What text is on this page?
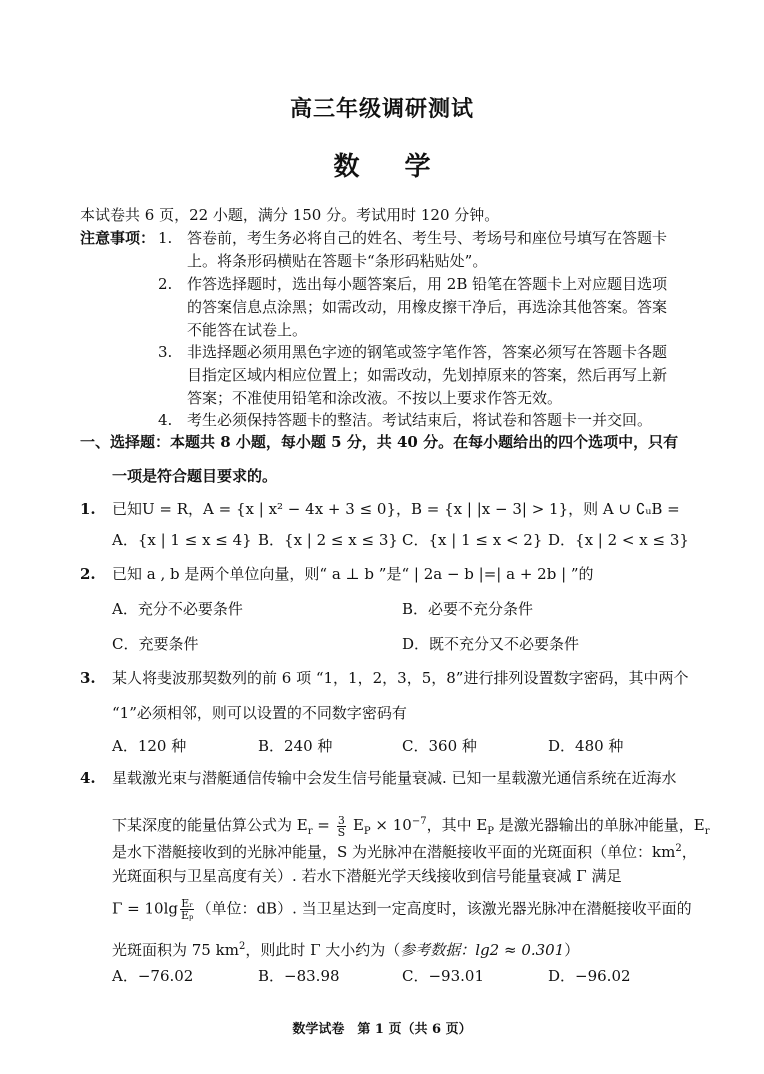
高三年级调研测试
数 学
本试卷共 6 页，22 小题，满分 150 分。考试用时 120 分钟。
注意事项： 1. 答卷前，考生务必将自己的姓名、考生号、考场号和座位号填写在答题卡
上。将条形码横贴在答题卡“条形码粘贴处”。
2. 作答选择题时，选出每小题答案后，用 2B 铅笔在答题卡上对应题目选项
的答案信息点涂黑；如需改动，用橡皮擦干净后，再选涂其他答案。答案
不能答在试卷上。
3. 非选择题必须用黑色字迹的钢笔或签字笔作答，答案必须写在答题卡各题
目指定区域内相应位置上；如需改动，先划掉原来的答案，然后再写上新
答案；不准使用铅笔和涂改液。不按以上要求作答无效。
4. 考生必须保持答题卡的整洁。考试结束后，将试卷和答题卡一并交回。
一、选择题：本题共 8 小题，每小题 5 分，共 40 分。在每小题给出的四个选项中，只有
一项是符合题目要求的。
1. 已知U = R，A = {x | x² − 4x + 3 ≤ 0}，B = {x | |x − 3| > 1}，则 A ∪ ∁ᵤB =
A．{x | 1 ≤ x ≤ 4} B．{x | 2 ≤ x ≤ 3} C．{x | 1 ≤ x < 2} D．{x | 2 < x ≤ 3}
2. 已知 a , b 是两个单位向量，则“ a ⊥ b ”是“ | 2a − b |=| a + 2b | ”的
A．充分不必要条件	B．必要不充分条件
C．充要条件	D．既不充分又不必要条件
3. 某人将斐波那契数列的前 6 项 “1，1，2，3，5，8”进行排列设置数字密码，其中两个
“1”必须相邻，则可以设置的不同数字密码有
A．120 种	B．240 种	C．360 种	D．480 种
4. 星载激光束与潜艇通信传输中会发生信号能量衰减. 已知一星载激光通信系统在近海水
下某深度的能量估算公式为 $E_r = \frac{3}{S} E_P \times 10^{-7}$，其中 $E_P$ 是激光器输出的单脉冲能量，$E_r$
是水下潜艇接收到的光脉冲能量，S 为光脉冲在潜艇接收平面的光斑面积（单位：$km^2$，
光斑面积与卫星高度有关）. 若水下潜艇光学天线接收到信号能量衰减 Γ 满足
$\Gamma = 10\lg \frac{\text{Eᵣ}}{\text{Eₚ}}$ （单位：dB）. 当卫星达到一定高度时，该激光器光脉冲在潜艇接收平面的
光斑面积为 75 $km^2$，则此时 Γ 大小约为（参考数据：lg2 ≈ 0.301）
A．−76.02	B．−83.98	C．−93.01	D．−96.02
数学试卷　第 1 页（共 6 页）
